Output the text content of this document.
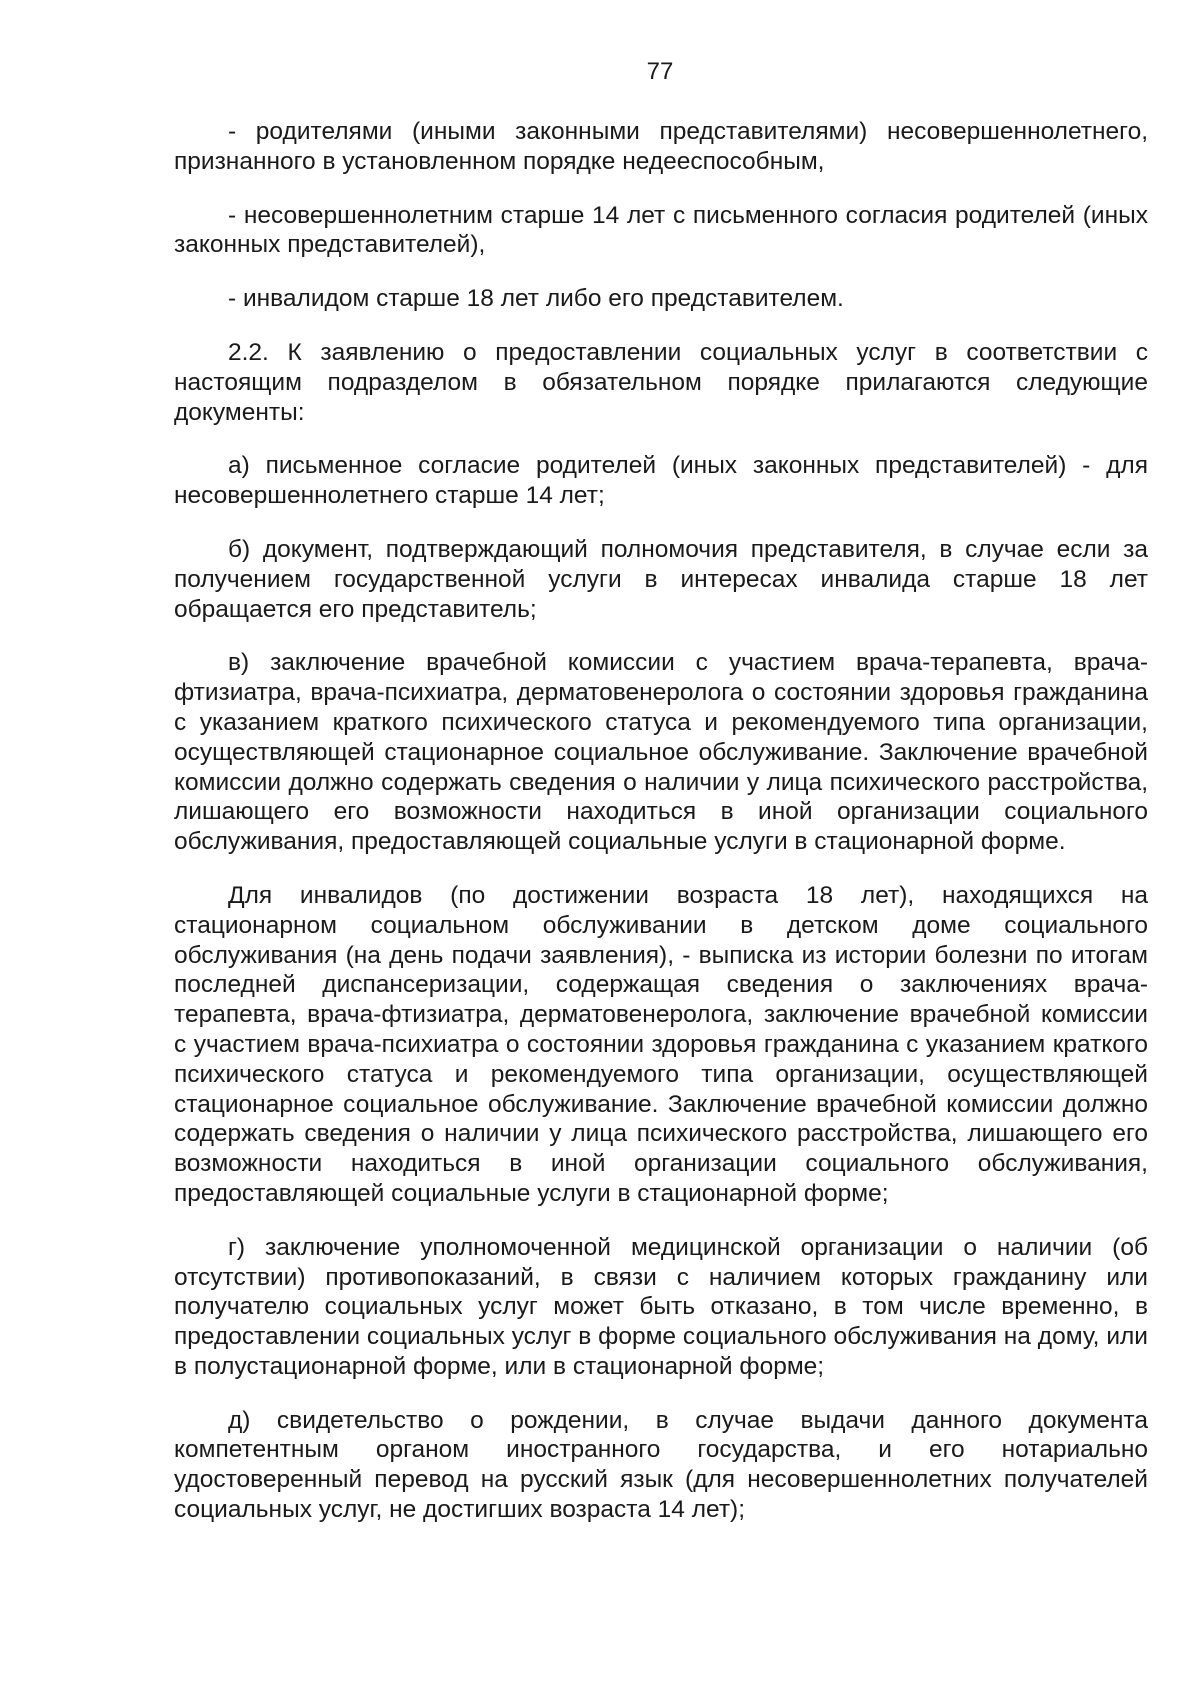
77

- родителями (иными законными представителями) несовершеннолетнего, признанного в установленном порядке недееспособным,

- несовершеннолетним старше 14 лет с письменного согласия родителей (иных законных представителей),

- инвалидом старше 18 лет либо его представителем.

2.2. К заявлению о предоставлении социальных услуг в соответствии с настоящим подразделом в обязательном порядке прилагаются следующие документы:

а) письменное согласие родителей (иных законных представителей) - для несовершеннолетнего старше 14 лет;

б) документ, подтверждающий полномочия представителя, в случае если за получением государственной услуги в интересах инвалида старше 18 лет обращается его представитель;

в) заключение врачебной комиссии с участием врача-терапевта, врача-фтизиатра, врача-психиатра, дерматовенеролога о состоянии здоровья гражданина с указанием краткого психического статуса и рекомендуемого типа организации, осуществляющей стационарное социальное обслуживание. Заключение врачебной комиссии должно содержать сведения о наличии у лица психического расстройства, лишающего его возможности находиться в иной организации социального обслуживания, предоставляющей социальные услуги в стационарной форме.

Для инвалидов (по достижении возраста 18 лет), находящихся на стационарном социальном обслуживании в детском доме социального обслуживания (на день подачи заявления), - выписка из истории болезни по итогам последней диспансеризации, содержащая сведения о заключениях врача-терапевта, врача-фтизиатра, дерматовенеролога, заключение врачебной комиссии с участием врача-психиатра о состоянии здоровья гражданина с указанием краткого психического статуса и рекомендуемого типа организации, осуществляющей стационарное социальное обслуживание. Заключение врачебной комиссии должно содержать сведения о наличии у лица психического расстройства, лишающего его возможности находиться в иной организации социального обслуживания, предоставляющей социальные услуги в стационарной форме;

г) заключение уполномоченной медицинской организации о наличии (об отсутствии) противопоказаний, в связи с наличием которых гражданину или получателю социальных услуг может быть отказано, в том числе временно, в предоставлении социальных услуг в форме социального обслуживания на дому, или в полустационарной форме, или в стационарной форме;

д) свидетельство о рождении, в случае выдачи данного документа компетентным органом иностранного государства, и его нотариально удостоверенный перевод на русский язык (для несовершеннолетних получателей социальных услуг, не достигших возраста 14 лет);
